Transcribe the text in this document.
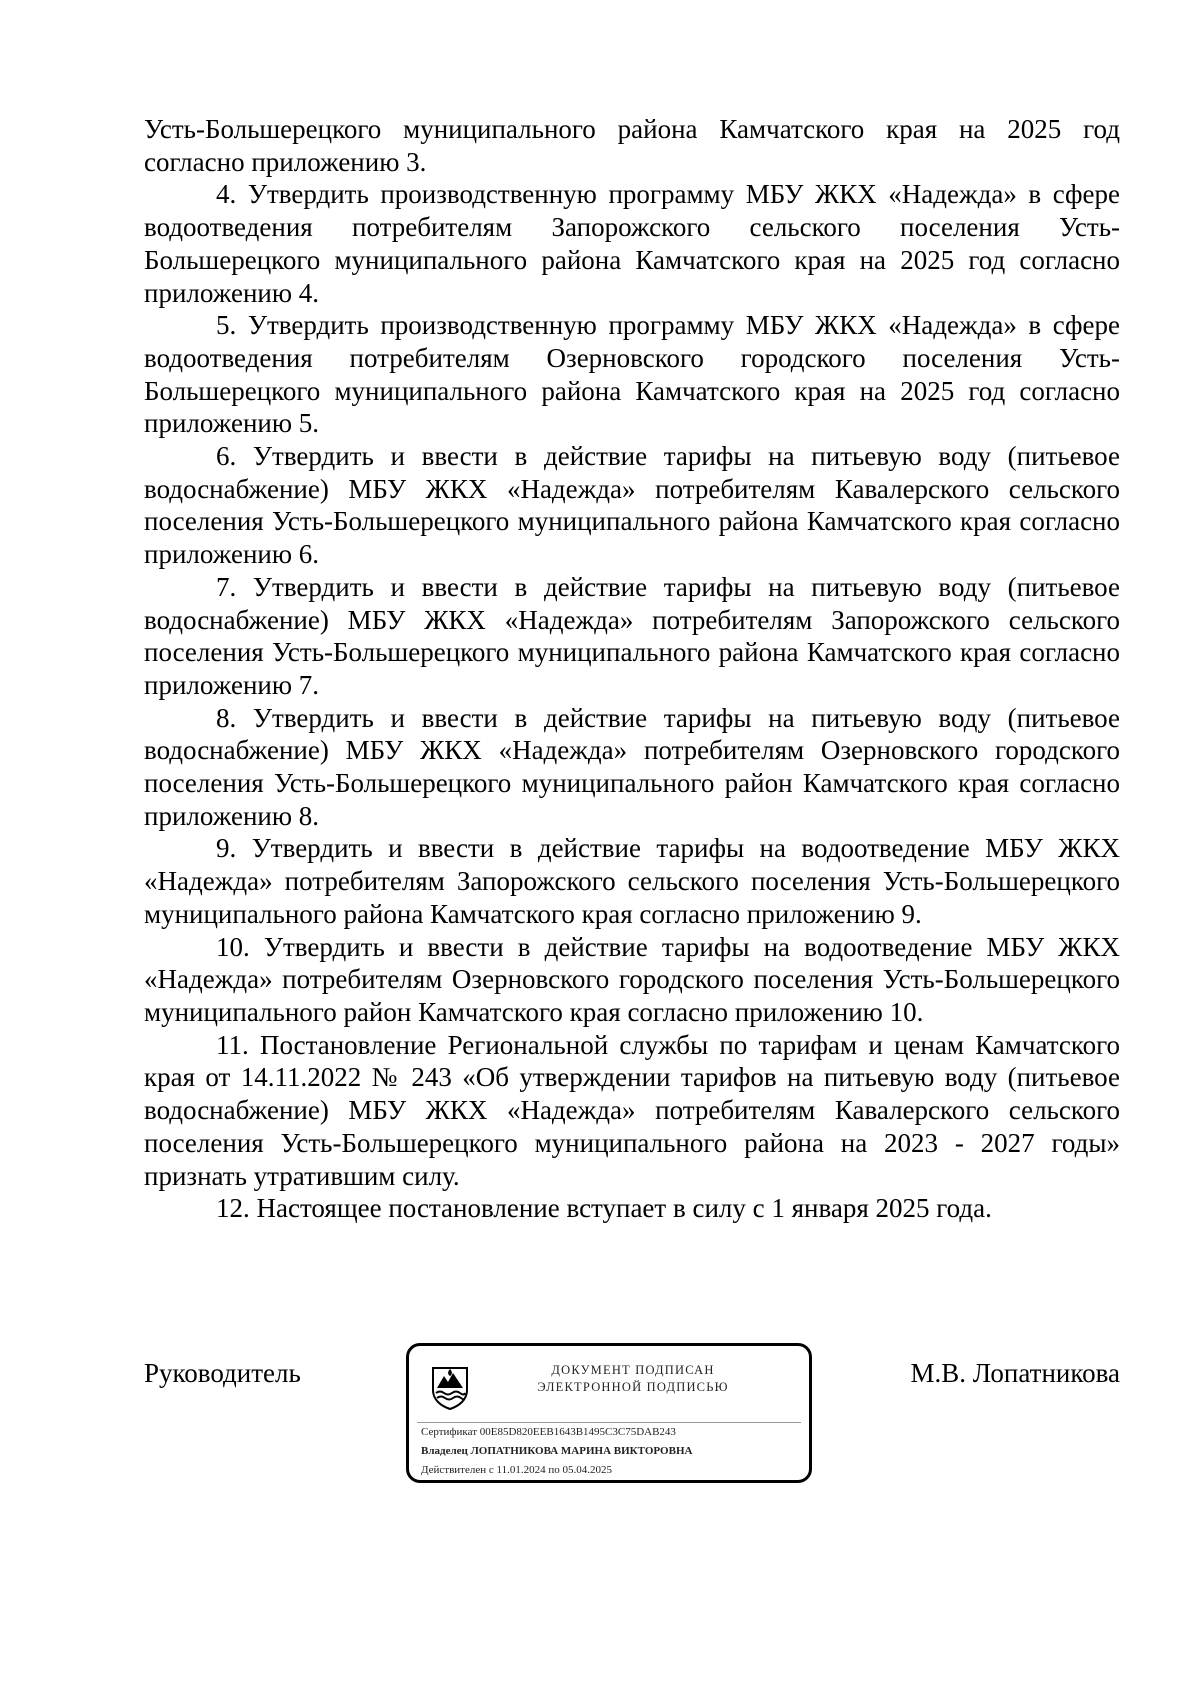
Усть-Большерецкого муниципального района Камчатского края на 2025 год согласно приложению 3.

4. Утвердить производственную программу МБУ ЖКХ «Надежда» в сфере водоотведения потребителям Запорожского сельского поселения Усть-Большерецкого муниципального района Камчатского края на 2025 год согласно приложению 4.

5. Утвердить производственную программу МБУ ЖКХ «Надежда» в сфере водоотведения потребителям Озерновского городского поселения Усть-Большерецкого муниципального района Камчатского края на 2025 год согласно приложению 5.

6. Утвердить и ввести в действие тарифы на питьевую воду (питьевое водоснабжение) МБУ ЖКХ «Надежда» потребителям Кавалерского сельского поселения Усть-Большерецкого муниципального района Камчатского края согласно приложению 6.

7. Утвердить и ввести в действие тарифы на питьевую воду (питьевое водоснабжение) МБУ ЖКХ «Надежда» потребителям Запорожского сельского поселения Усть-Большерецкого муниципального района Камчатского края согласно приложению 7.

8. Утвердить и ввести в действие тарифы на питьевую воду (питьевое водоснабжение) МБУ ЖКХ «Надежда» потребителям Озерновского городского поселения Усть-Большерецкого муниципального район Камчатского края согласно приложению 8.

9. Утвердить и ввести в действие тарифы на водоотведение МБУ ЖКХ «Надежда» потребителям Запорожского сельского поселения Усть-Большерецкого муниципального района Камчатского края согласно приложению 9.

10. Утвердить и ввести в действие тарифы на водоотведение МБУ ЖКХ «Надежда» потребителям Озерновского городского поселения Усть-Большерецкого муниципального район Камчатского края согласно приложению 10.

11. Постановление Региональной службы по тарифам и ценам Камчатского края от 14.11.2022 № 243 «Об утверждении тарифов на питьевую воду (питьевое водоснабжение) МБУ ЖКХ «Надежда» потребителям Кавалерского сельского поселения Усть-Большерецкого муниципального района на 2023 - 2027 годы» признать утратившим силу.

12. Настоящее постановление вступает в силу с 1 января 2025 года.

Руководитель	ДОКУМЕНТ ПОДПИСАН
ЭЛЕКТРОННОЙ ПОДПИСЬЮ
Сертификат 00E85D820EEB1643B1495C3C75DAB243
Владелец ЛОПАТНИКОВА МАРИНА ВИКТОРОВНА
Действителен с 11.01.2024 по 05.04.2025
М.В. Лопатникова
